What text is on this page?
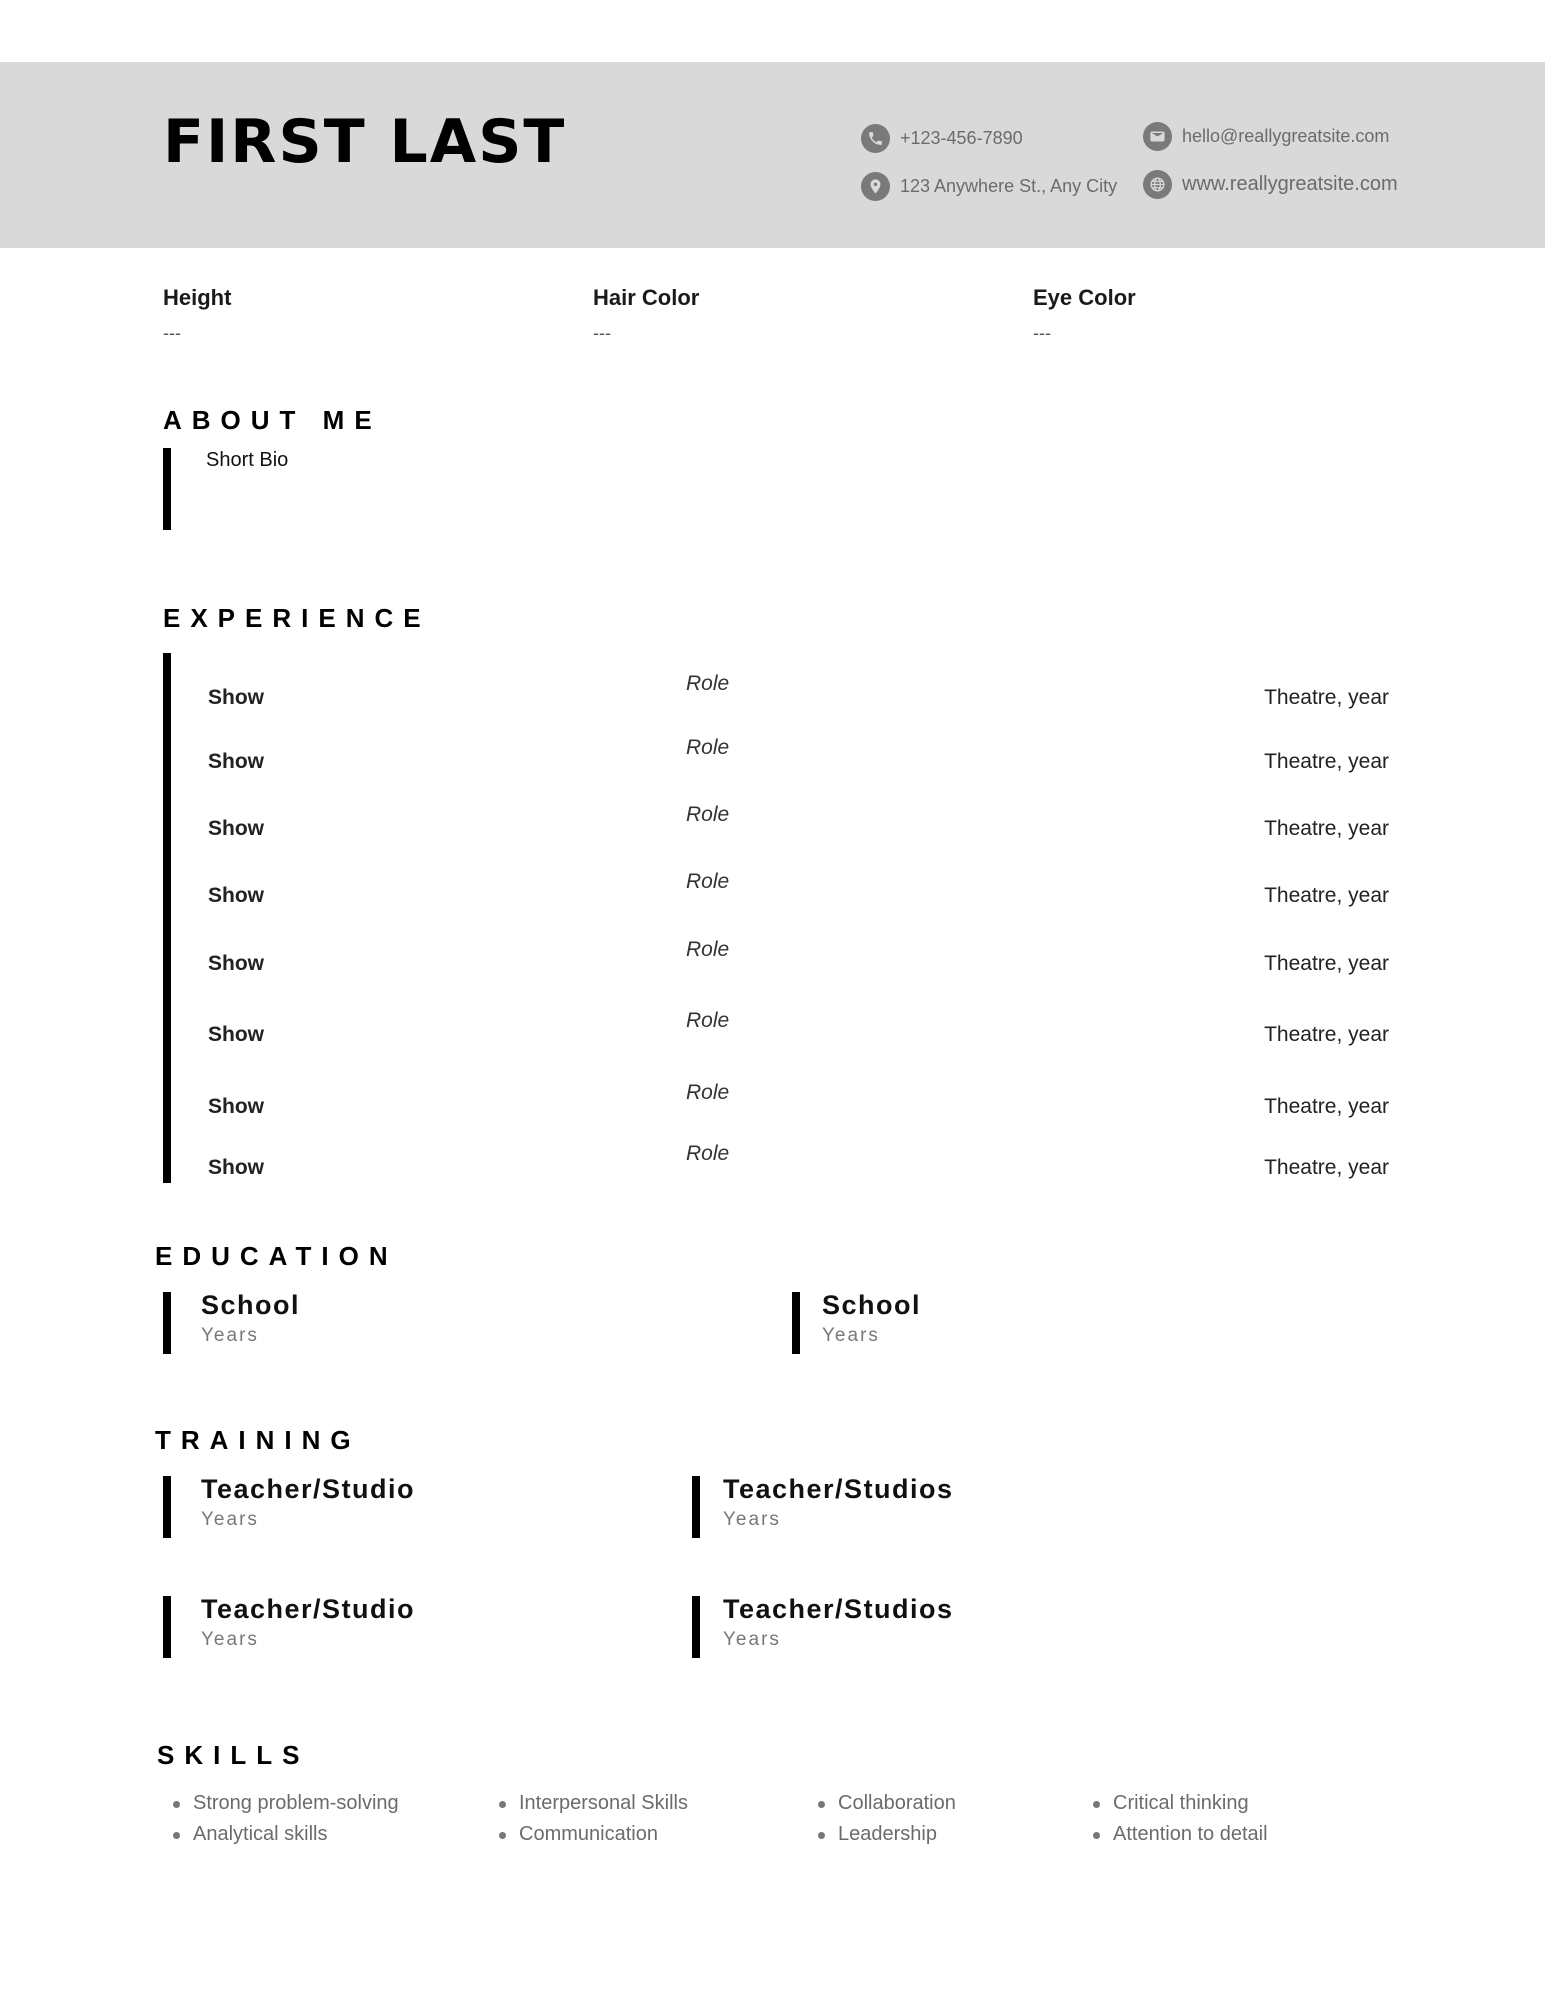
FIRST LAST	+123-456-7890
123 Anywhere St., Any City
hello@reallygreatsite.com
www.reallygreatsite.com
Height
---
Hair Color
---
Eye Color
---
ABOUT ME
Short Bio
EXPERIENCE
Show
Role
Theatre, year
Show
Role
Theatre, year
Show
Role
Theatre, year
Show
Role
Theatre, year
Show
Role
Theatre, year
Show
Role
Theatre, year
Show
Role
Theatre, year
Show
Role
Theatre, year
EDUCATION
School
Years
School
Years
TRAINING
Teacher/Studio
Years
Teacher/Studios
Years
Teacher/Studio
Years
Teacher/Studios
Years
SKILLS
Strong problem-solving
Analytical skills
Interpersonal Skills
Communication
Collaboration
Leadership
Critical thinking
Attention to detail
